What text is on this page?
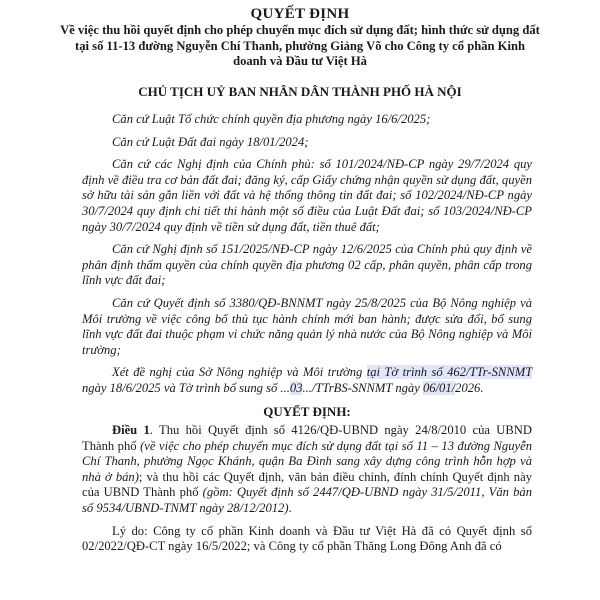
QUYẾT ĐỊNH
Về việc thu hồi quyết định cho phép chuyển mục đích sử dụng đất; hình thức sử dụng đất tại số 11-13 đường Nguyễn Chí Thanh, phường Giảng Võ cho Công ty cổ phần Kinh doanh và Đầu tư Việt Hà
CHỦ TỊCH UỶ BAN NHÂN DÂN THÀNH PHỐ HÀ NỘI

Căn cứ Luật Tổ chức chính quyền địa phương ngày 16/6/2025;

Căn cứ Luật Đất đai ngày 18/01/2024;

Căn cứ các Nghị định của Chính phủ: số 101/2024/NĐ-CP ngày 29/7/2024 quy định về điều tra cơ bản đất đai; đăng ký, cấp Giấy chứng nhận quyền sử dụng đất, quyền sở hữu tài sản gắn liền với đất và hệ thống thông tin đất đai; số 102/2024/NĐ-CP ngày 30/7/2024 quy định chi tiết thi hành một số điều của Luật Đất đai; số 103/2024/NĐ-CP ngày 30/7/2024 quy định về tiền sử dụng đất, tiền thuê đất;

Căn cứ Nghị định số 151/2025/NĐ-CP ngày 12/6/2025 của Chính phủ quy định về phân định thẩm quyền của chính quyền địa phương 02 cấp, phân quyền, phân cấp trong lĩnh vực đất đai;

Căn cứ Quyết định số 3380/QĐ-BNNMT ngày 25/8/2025 của Bộ Nông nghiệp và Môi trường về việc công bố thủ tục hành chính mới ban hành; được sửa đổi, bổ sung lĩnh vực đất đai thuộc phạm vi chức năng quản lý nhà nước của Bộ Nông nghiệp và Môi trường;

Xét đề nghị của Sở Nông nghiệp và Môi trường tại Tờ trình số 462/TTr-SNNMT ngày 18/6/2025 và Tờ trình bổ sung số ...03.../TTrBS-SNNMT ngày 06/01/2026.

QUYẾT ĐỊNH:

Điều 1. Thu hồi Quyết định số 4126/QĐ-UBND ngày 24/8/2010 của UBND Thành phố (về việc cho phép chuyển mục đích sử dụng đất tại số 11 – 13 đường Nguyễn Chí Thanh, phường Ngọc Khánh, quận Ba Đình sang xây dựng công trình hỗn hợp và nhà ở bán); và thu hồi các Quyết định, văn bản điều chỉnh, đính chính Quyết định này của UBND Thành phố (gồm: Quyết định số 2447/QĐ-UBND ngày 31/5/2011, Văn bản số 9534/UBND-TNMT ngày 28/12/2012).

Lý do: Công ty cổ phần Kinh doanh và Đầu tư Việt Hà đã có Quyết định số 02/2022/QĐ-CT ngày 16/5/2022; và Công ty cổ phần Thăng Long Đông Anh đã có
